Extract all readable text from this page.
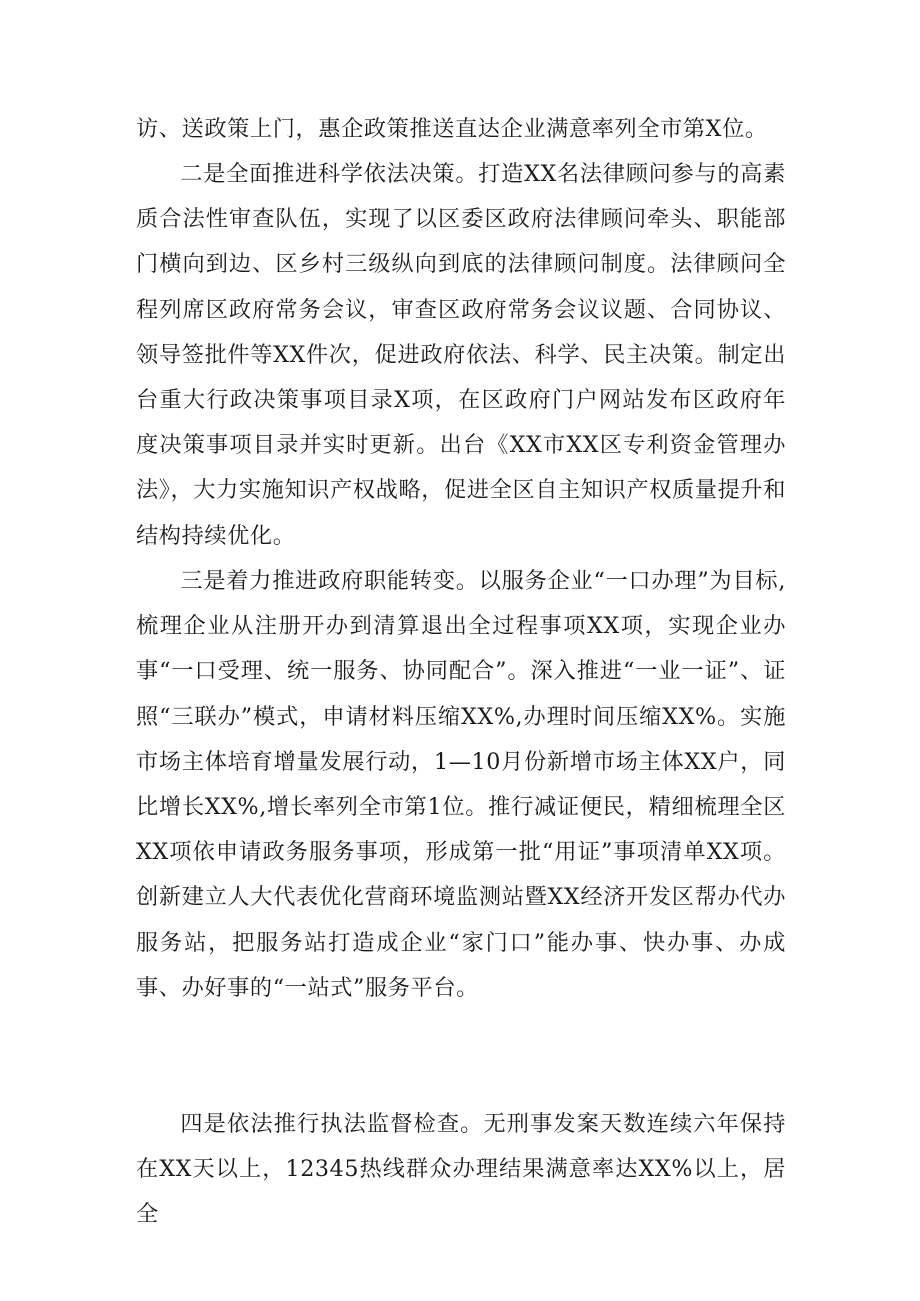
访、送政策上门，惠企政策推送直达企业满意率列全市第X位。

二是全面推进科学依法决策。打造XX名法律顾问参与的高素质合法性审查队伍，实现了以区委区政府法律顾问牵头、职能部门横向到边、区乡村三级纵向到底的法律顾问制度。法律顾问全程列席区政府常务会议，审查区政府常务会议议题、合同协议、领导签批件等XX件次，促进政府依法、科学、民主决策。制定出台重大行政决策事项目录X项，在区政府门户网站发布区政府年度决策事项目录并实时更新。出台《XX市XX区专利资金管理办法》，大力实施知识产权战略，促进全区自主知识产权质量提升和结构持续优化。

三是着力推进政府职能转变。以服务企业“一口办理”为目标,梳理企业从注册开办到清算退出全过程事项XX项，实现企业办事“一口受理、统一服务、协同配合”。深入推进“一业一证”、证照“三联办”模式，申请材料压缩XX%,办理时间压缩XX%。实施市场主体培育增量发展行动，1—10月份新增市场主体XX户，同比增长XX%,增长率列全市第1位。推行减证便民，精细梳理全区XX项依申请政务服务事项，形成第一批“用证”事项清单XX项。创新建立人大代表优化营商环境监测站暨XX经济开发区帮办代办服务站，把服务站打造成企业“家门口”能办事、快办事、办成事、办好事的“一站式”服务平台。

四是依法推行执法监督检查。无刑事发案天数连续六年保持在XX天以上，12345热线群众办理结果满意率达XX%以上，居全
